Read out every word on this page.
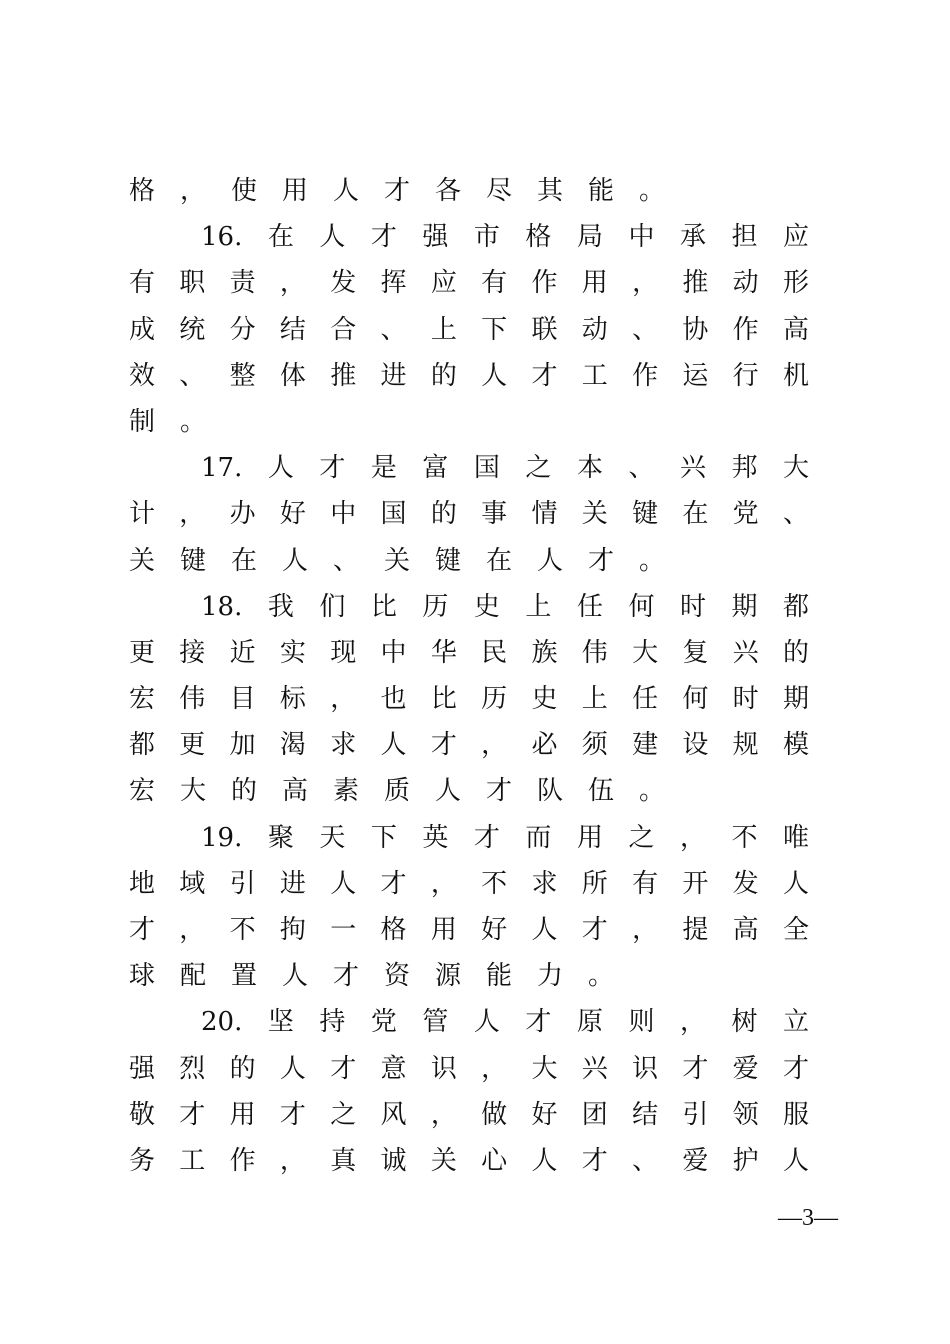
格，使用人才各尽其能。
16.在人才强市格局中承担应
有职责，发挥应有作用，推动形
成统分结合、上下联动、协作高
效、整体推进的人才工作运行机
制。
17.人才是富国之本、兴邦大
计，办好中国的事情关键在党、
关键在人、关键在人才。
18.我们比历史上任何时期都
更接近实现中华民族伟大复兴的
宏伟目标，也比历史上任何时期
都更加渴求人才，必须建设规模
宏大的高素质人才队伍。
19.聚天下英才而用之，不唯
地域引进人才，不求所有开发人
才，不拘一格用好人才，提高全
球配置人才资源能力。
20.坚持党管人才原则，树立
强烈的人才意识，大兴识才爱才
敬才用才之风，做好团结引领服
务工作，真诚关心人才、爱护人
—3—
